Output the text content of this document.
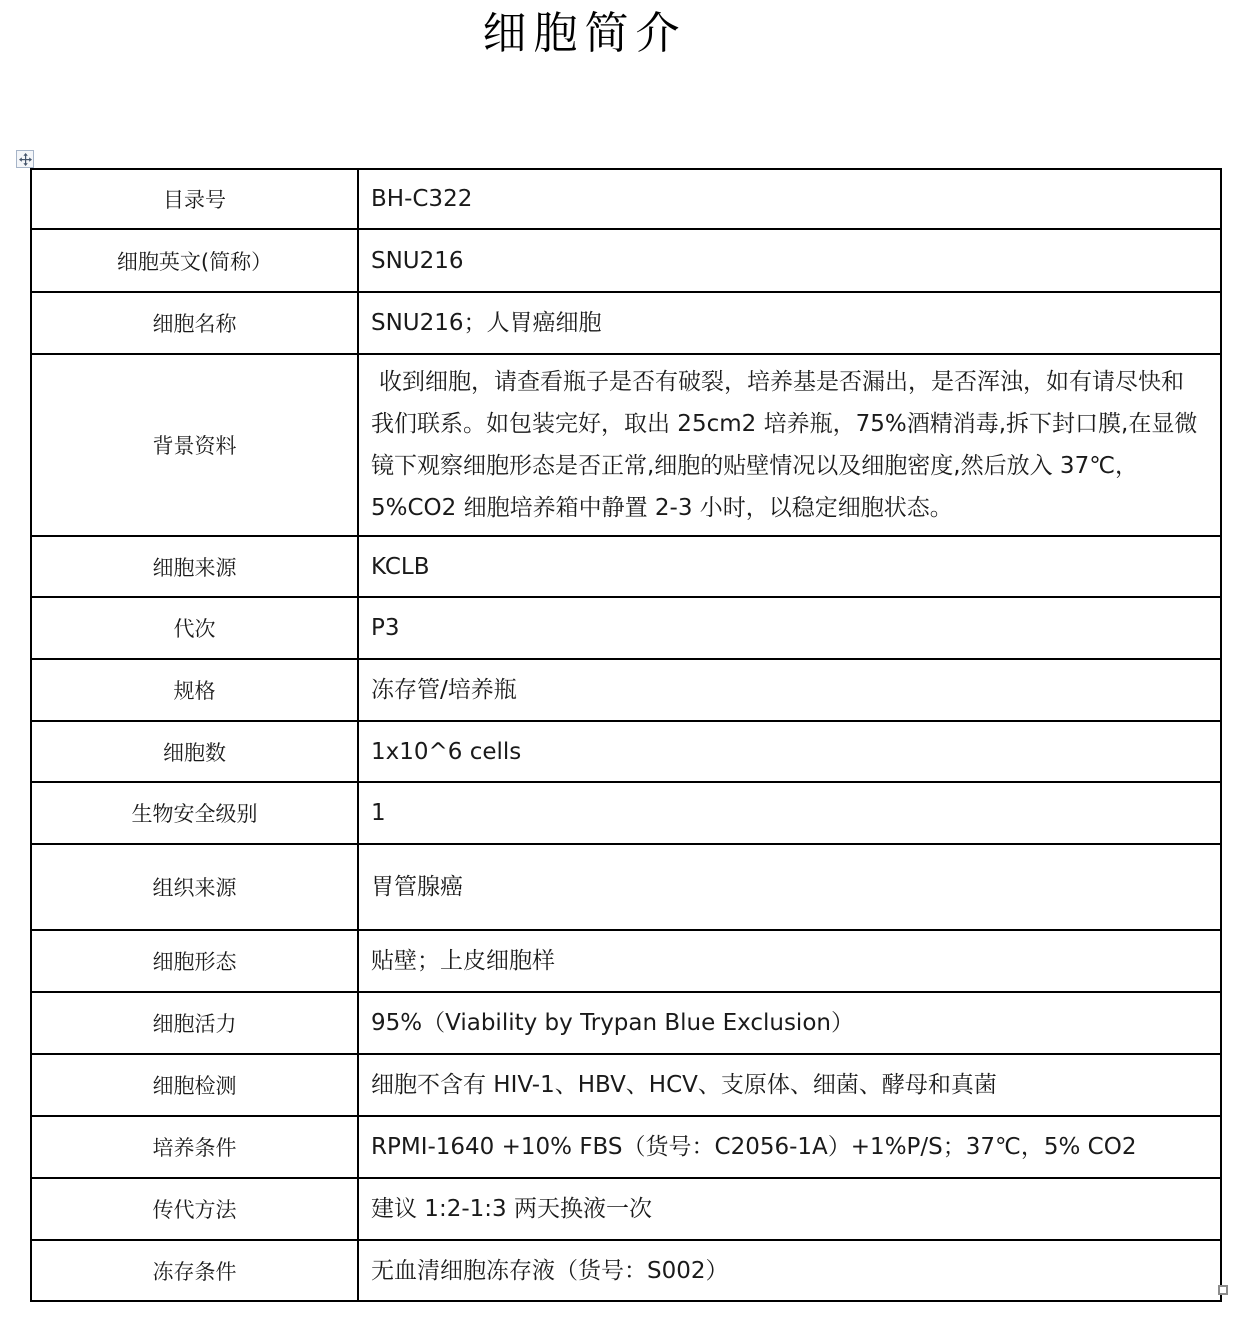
细胞简介
目录号	BH-C322
细胞英文(简称）	SNU216
细胞名称	SNU216；人胃癌细胞
背景资料	收到细胞，请查看瓶子是否有破裂，培养基是否漏出，是否浑浊，如有请尽快和我们联系。如包装完好，取出 25cm2 培养瓶，75%酒精消毒,拆下封口膜,在显微镜下观察细胞形态是否正常,细胞的贴壁情况以及细胞密度,然后放入 37℃，5%CO2 细胞培养箱中静置 2-3 小时，以稳定细胞状态。
细胞来源	KCLB
代次	P3
规格	冻存管/培养瓶
细胞数	1x10^6 cells
生物安全级别	1
组织来源	胃管腺癌
细胞形态	贴壁；上皮细胞样
细胞活力	95%（Viability by Trypan Blue Exclusion）
细胞检测	细胞不含有 HIV-1、HBV、HCV、支原体、细菌、酵母和真菌
培养条件	RPMI-1640 +10% FBS（货号：C2056-1A）+1%P/S；37℃，5% CO2
传代方法	建议 1:2-1:3 两天换液一次
冻存条件	无血清细胞冻存液（货号：S002）
